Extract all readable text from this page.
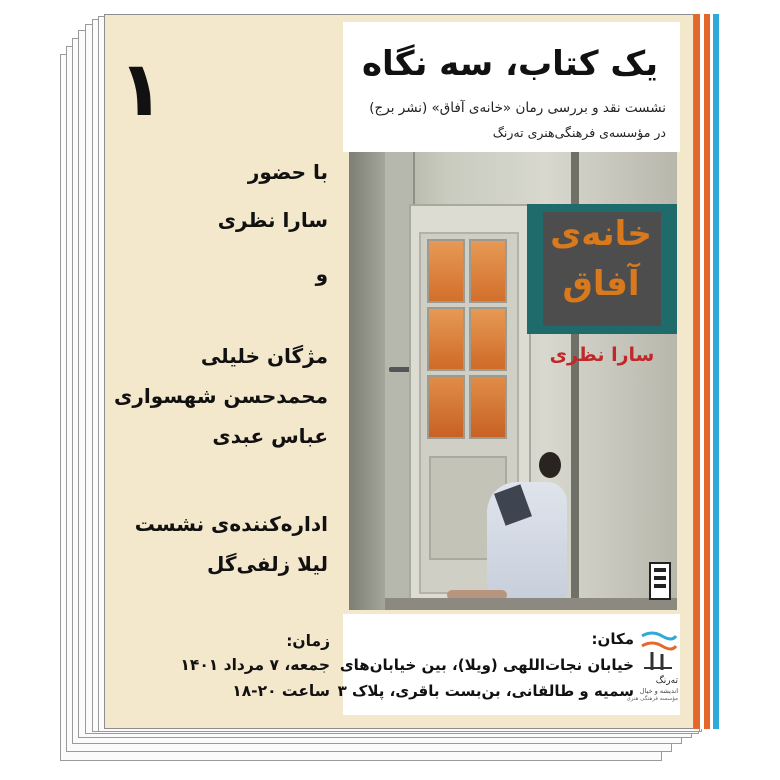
یک کتاب، سه نگاه
نشست نقد و بررسی رمان «خانه‌ی آفاق» (نشر برج)
در مؤسسه‌ی فرهنگی‌هنری ته‌رنگ
۱
با حضور
سارا نظری
و
مژگان خلیلی
محمدحسن شهسواری
عباس عبدی
اداره‌کننده‌ی نشست
لیلا زلفی‌گل
خانه‌ی
آفاق
سارا نظری
زمان:
جمعه، ۷ مرداد ۱۴۰۱
ساعت ۲۰-۱۸
مکان:
خیابان نجات‌اللهی (ویلا)، بین خیابان‌های
سمیه و طالقانی، بن‌بست باقری، پلاک ۳
ته‌رنگ
اندیشه و خیال
مؤسسه فرهنگی هنری
